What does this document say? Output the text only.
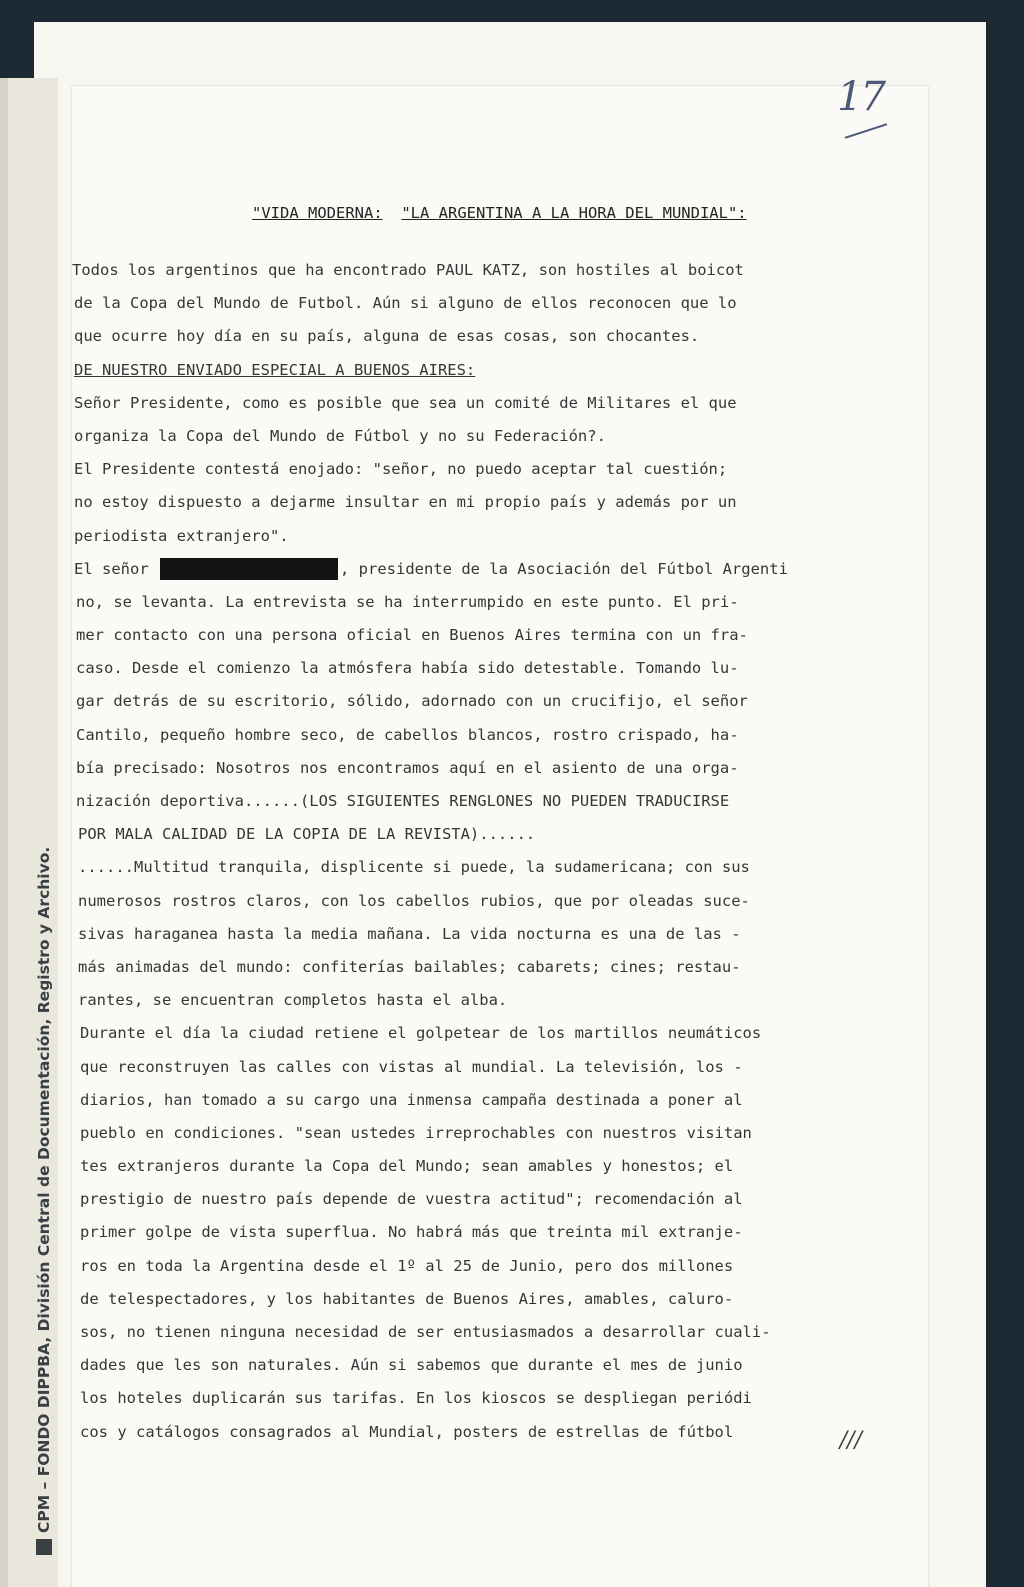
CPM – FONDO DIPPBA, División Central de Documentación, Registro y Archivo.
17
"VIDA MODERNA: "LA ARGENTINA A LA HORA DEL MUNDIAL":
Todos los argentinos que ha encontrado PAUL KATZ, son hostiles al boicot
de la Copa del Mundo de Futbol. Aún si alguno de ellos reconocen que lo
que ocurre hoy día en su país, alguna de esas cosas, son chocantes.
DE NUESTRO ENVIADO ESPECIAL A BUENOS AIRES:
Señor Presidente, como es posible que sea un comité de Militares el que
organiza la Copa del Mundo de Fútbol y no su Federación?.
El Presidente contestá enojado: "señor, no puedo aceptar tal cuestión;
no estoy dispuesto a dejarme insultar en mi propio país y además por un
periodista extranjero".
El señor	, presidente de la Asociación del Fútbol Argenti
no, se levanta. La entrevista se ha interrumpido en este punto. El pri-
mer contacto con una persona oficial en Buenos Aires termina con un fra-
caso. Desde el comienzo la atmósfera había sido detestable. Tomando lu-
gar detrás de su escritorio, sólido, adornado con un crucifijo, el señor
Cantilo, pequeño hombre seco, de cabellos blancos, rostro crispado, ha-
bía precisado: Nosotros nos encontramos aquí en el asiento de una orga-
nización deportiva......(LOS SIGUIENTES RENGLONES NO PUEDEN TRADUCIRSE
POR MALA CALIDAD DE LA COPIA DE LA REVISTA)......
......Multitud tranquila, displicente si puede, la sudamericana; con sus
numerosos rostros claros, con los cabellos rubios, que por oleadas suce-
sivas haraganea hasta la media mañana. La vida nocturna es una de las -
más animadas del mundo: confiterías bailables; cabarets; cines; restau-
rantes, se encuentran completos hasta el alba.
Durante el día la ciudad retiene el golpetear de los martillos neumáticos
que reconstruyen las calles con vistas al mundial. La televisión, los -
diarios, han tomado a su cargo una inmensa campaña destinada a poner al
pueblo en condiciones. "sean ustedes irreprochables con nuestros visitan
tes extranjeros durante la Copa del Mundo; sean amables y honestos; el
prestigio de nuestro país depende de vuestra actitud"; recomendación al
primer golpe de vista superflua. No habrá más que treinta mil extranje-
ros en toda la Argentina desde el 1º al 25 de Junio, pero dos millones
de telespectadores, y los habitantes de Buenos Aires, amables, caluro-
sos, no tienen ninguna necesidad de ser entusiasmados a desarrollar cuali-
dades que les son naturales. Aún si sabemos que durante el mes de junio
los hoteles duplicarán sus tarifas. En los kioscos se despliegan periódi
cos y catálogos consagrados al Mundial, posters de estrellas de fútbol	///
